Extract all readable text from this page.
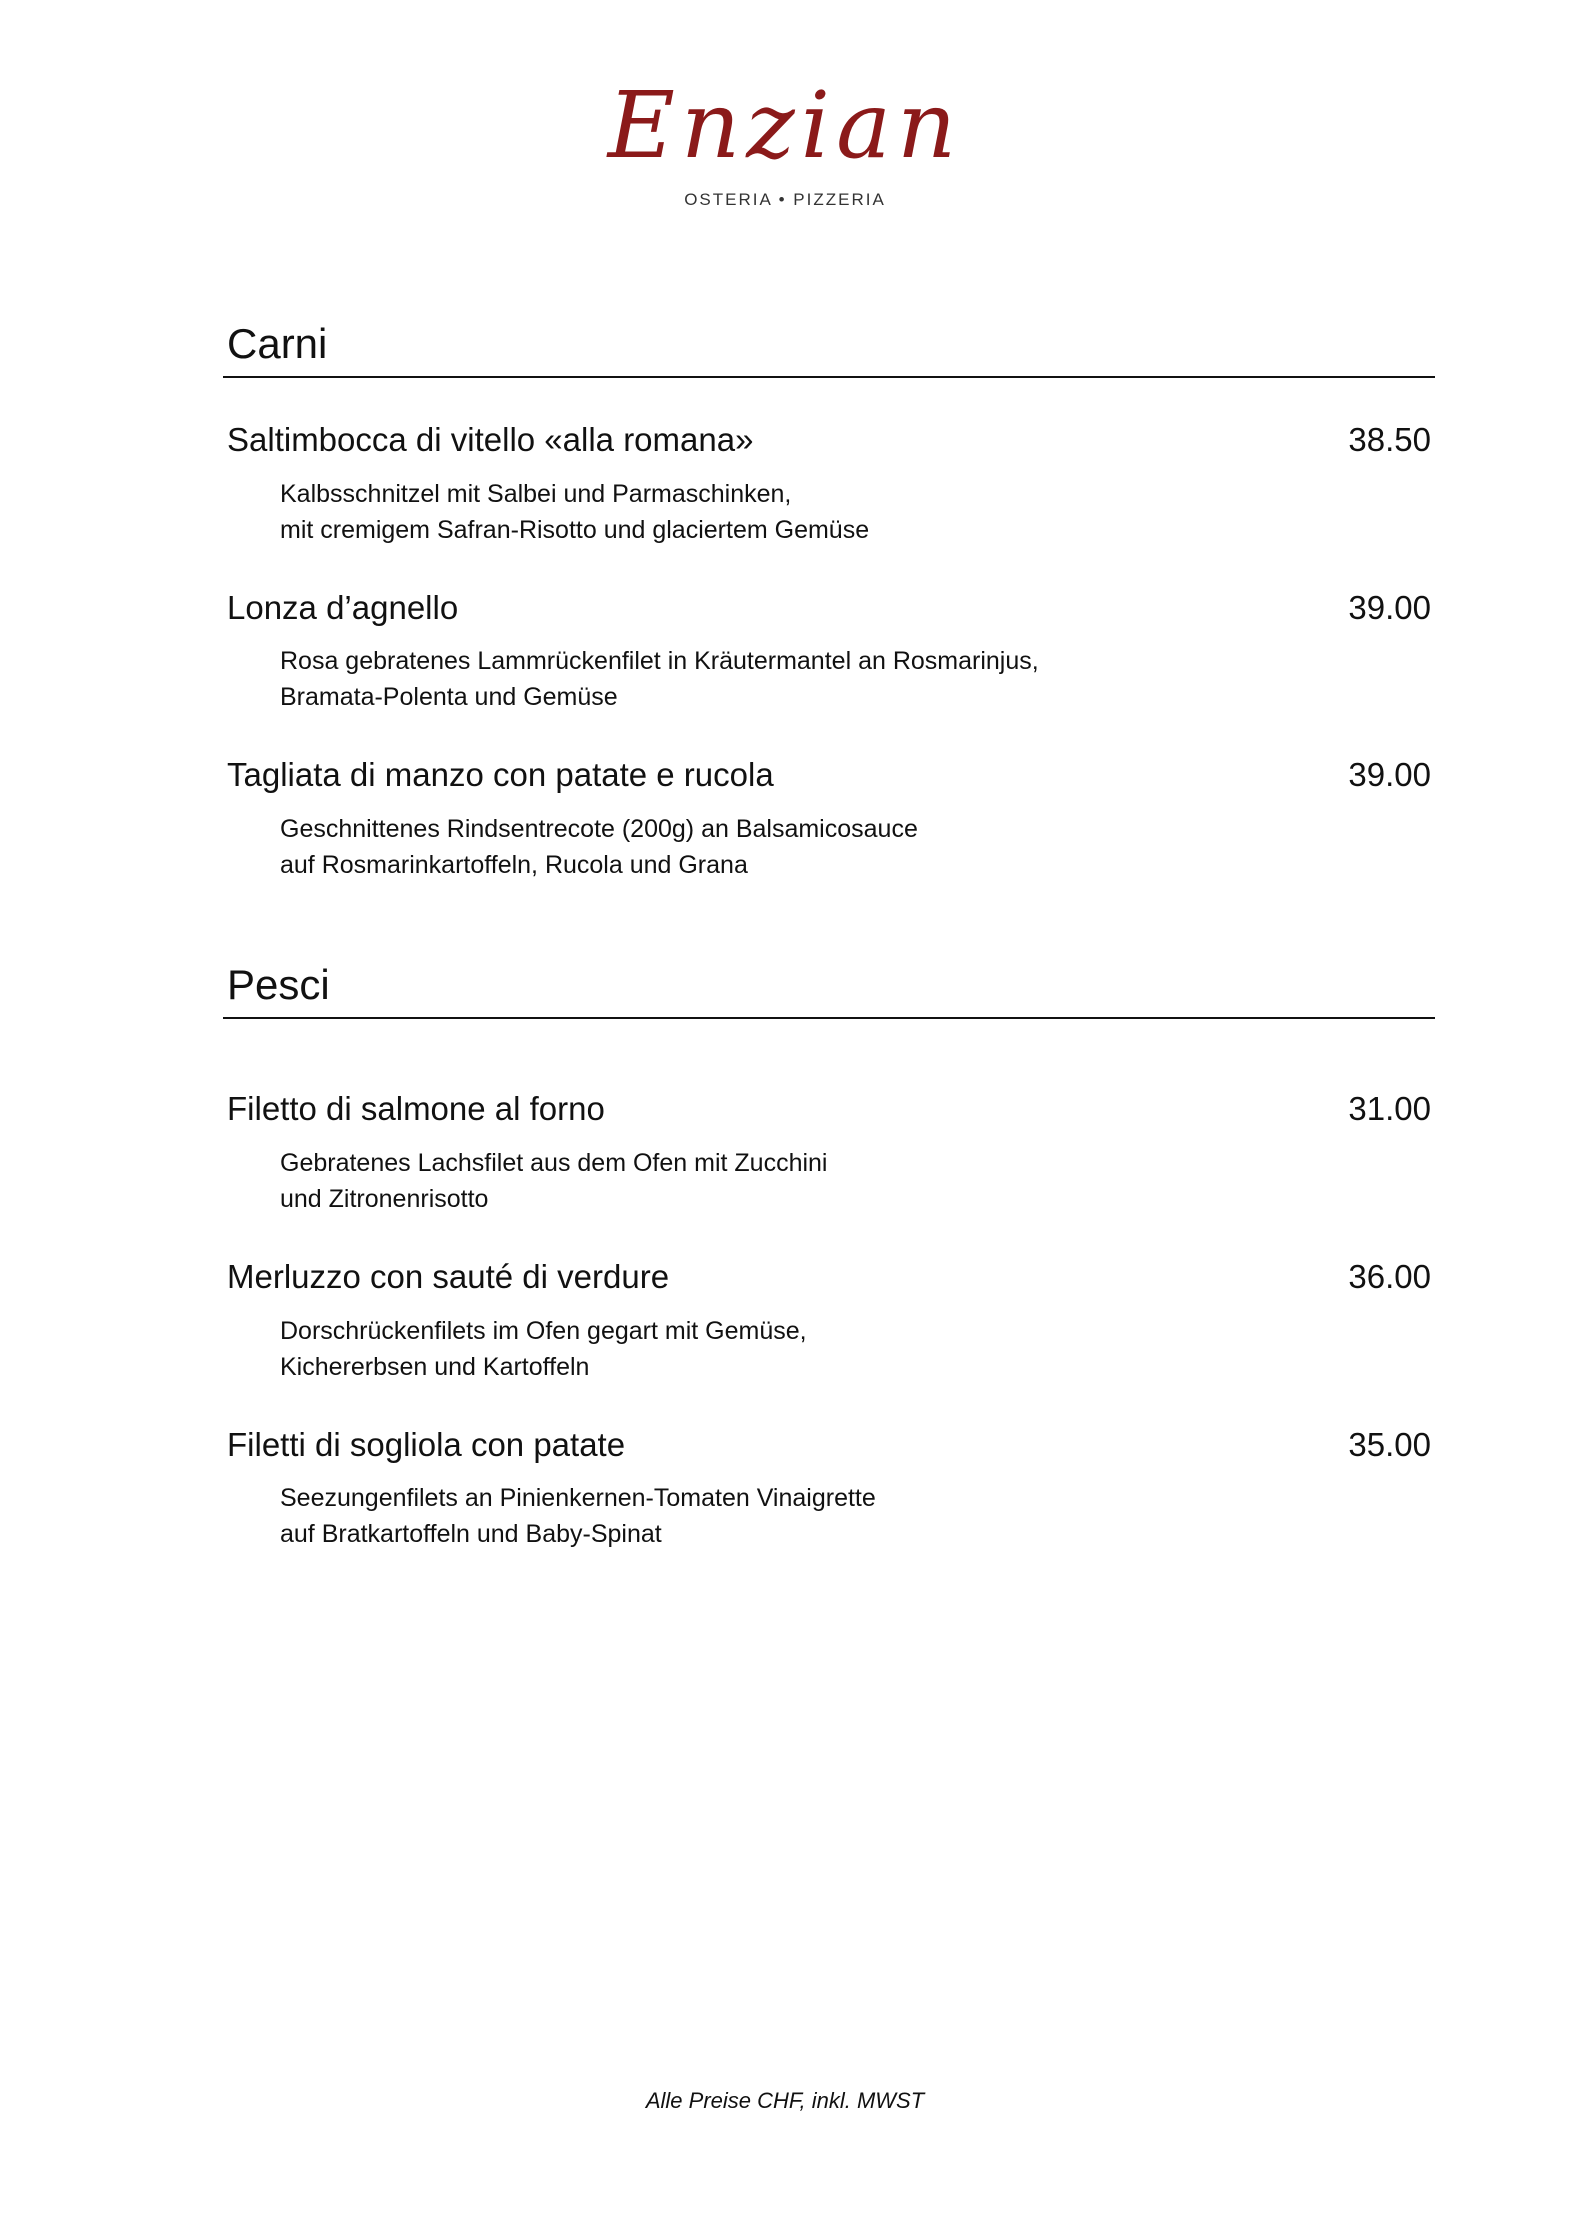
Enzian
OSTERIA • PIZZERIA
Carni
Saltimbocca di vitello «alla romana»	38.50
Kalbsschnitzel mit Salbei und Parmaschinken,
mit cremigem Safran-Risotto und glaciertem Gemüse
Lonza d’agnello	39.00
Rosa gebratenes Lammrückenfilet in Kräutermantel an Rosmarinjus,
Bramata-Polenta und Gemüse
Tagliata di manzo con patate e rucola	39.00
Geschnittenes Rindsentrecote (200g) an Balsamicosauce
auf Rosmarinkartoffeln, Rucola und Grana
Pesci
Filetto di salmone al forno	31.00
Gebratenes Lachsfilet aus dem Ofen mit Zucchini
und Zitronenrisotto
Merluzzo con sauté di verdure	36.00
Dorschrückenfilets im Ofen gegart mit Gemüse,
Kichererbsen und Kartoffeln
Filetti di sogliola con patate	35.00
Seezungenfilets an Pinienkernen-Tomaten Vinaigrette
auf Bratkartoffeln und Baby-Spinat
Alle Preise CHF, inkl. MWST
